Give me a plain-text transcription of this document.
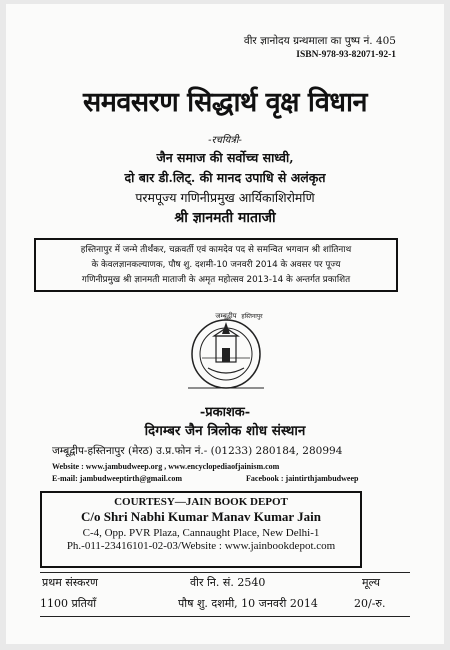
वीर ज्ञानोदय ग्रन्थमाला का पुष्प नं. 405
ISBN-978-93-82071-92-1
समवसरण सिद्धार्थ वृक्ष विधान
-रचयित्री-
जैन समाज की सर्वोच्च साध्वी,
दो बार डी.लिट्. की मानद उपाधि से अलंकृत
परमपूज्य गणिनीप्रमुख आर्यिकाशिरोमणि
श्री ज्ञानमती माताजी
हस्तिनापुर में जन्मे तीर्थंकर, चक्रवर्ती एवं कामदेव पद से समन्वित भगवान श्री शांतिनाथ
के केवलज्ञानकल्याणक, पौष शु. दशमी-10 जनवरी 2014 के अवसर पर पूज्य
गणिनीप्रमुख श्री ज्ञानमती माताजी के अमृत महोत्सव 2013-14 के अन्तर्गत प्रकाशित
जम्बूद्वीप हस्तिनापुर
-प्रकाशक-
दिगम्बर जैन त्रिलोक शोध संस्थान
जम्बूद्वीप-हस्तिनापुर (मेरठ) उ.प्र.फोन नं.- (01233) 280184, 280994
Website : www.jambudweep.org , www.encyclopediaofjainism.com
E-mail: jambudweeptirth@gmail.com	Facebook : jaintirthjambudweep
COURTESY—JAIN BOOK DEPOT
C/o Shri Nabhi Kumar Manav Kumar Jain
C-4, Opp. PVR Plaza, Cannaught Place, New Delhi-1
Ph.-011-23416101-02-03/Website : www.jainbookdepot.com
प्रथम संस्करण	वीर नि. सं. 2540	मूल्य
1100 प्रतियाँ	पौष शु. दशमी, 10 जनवरी 2014	20/-रु.
